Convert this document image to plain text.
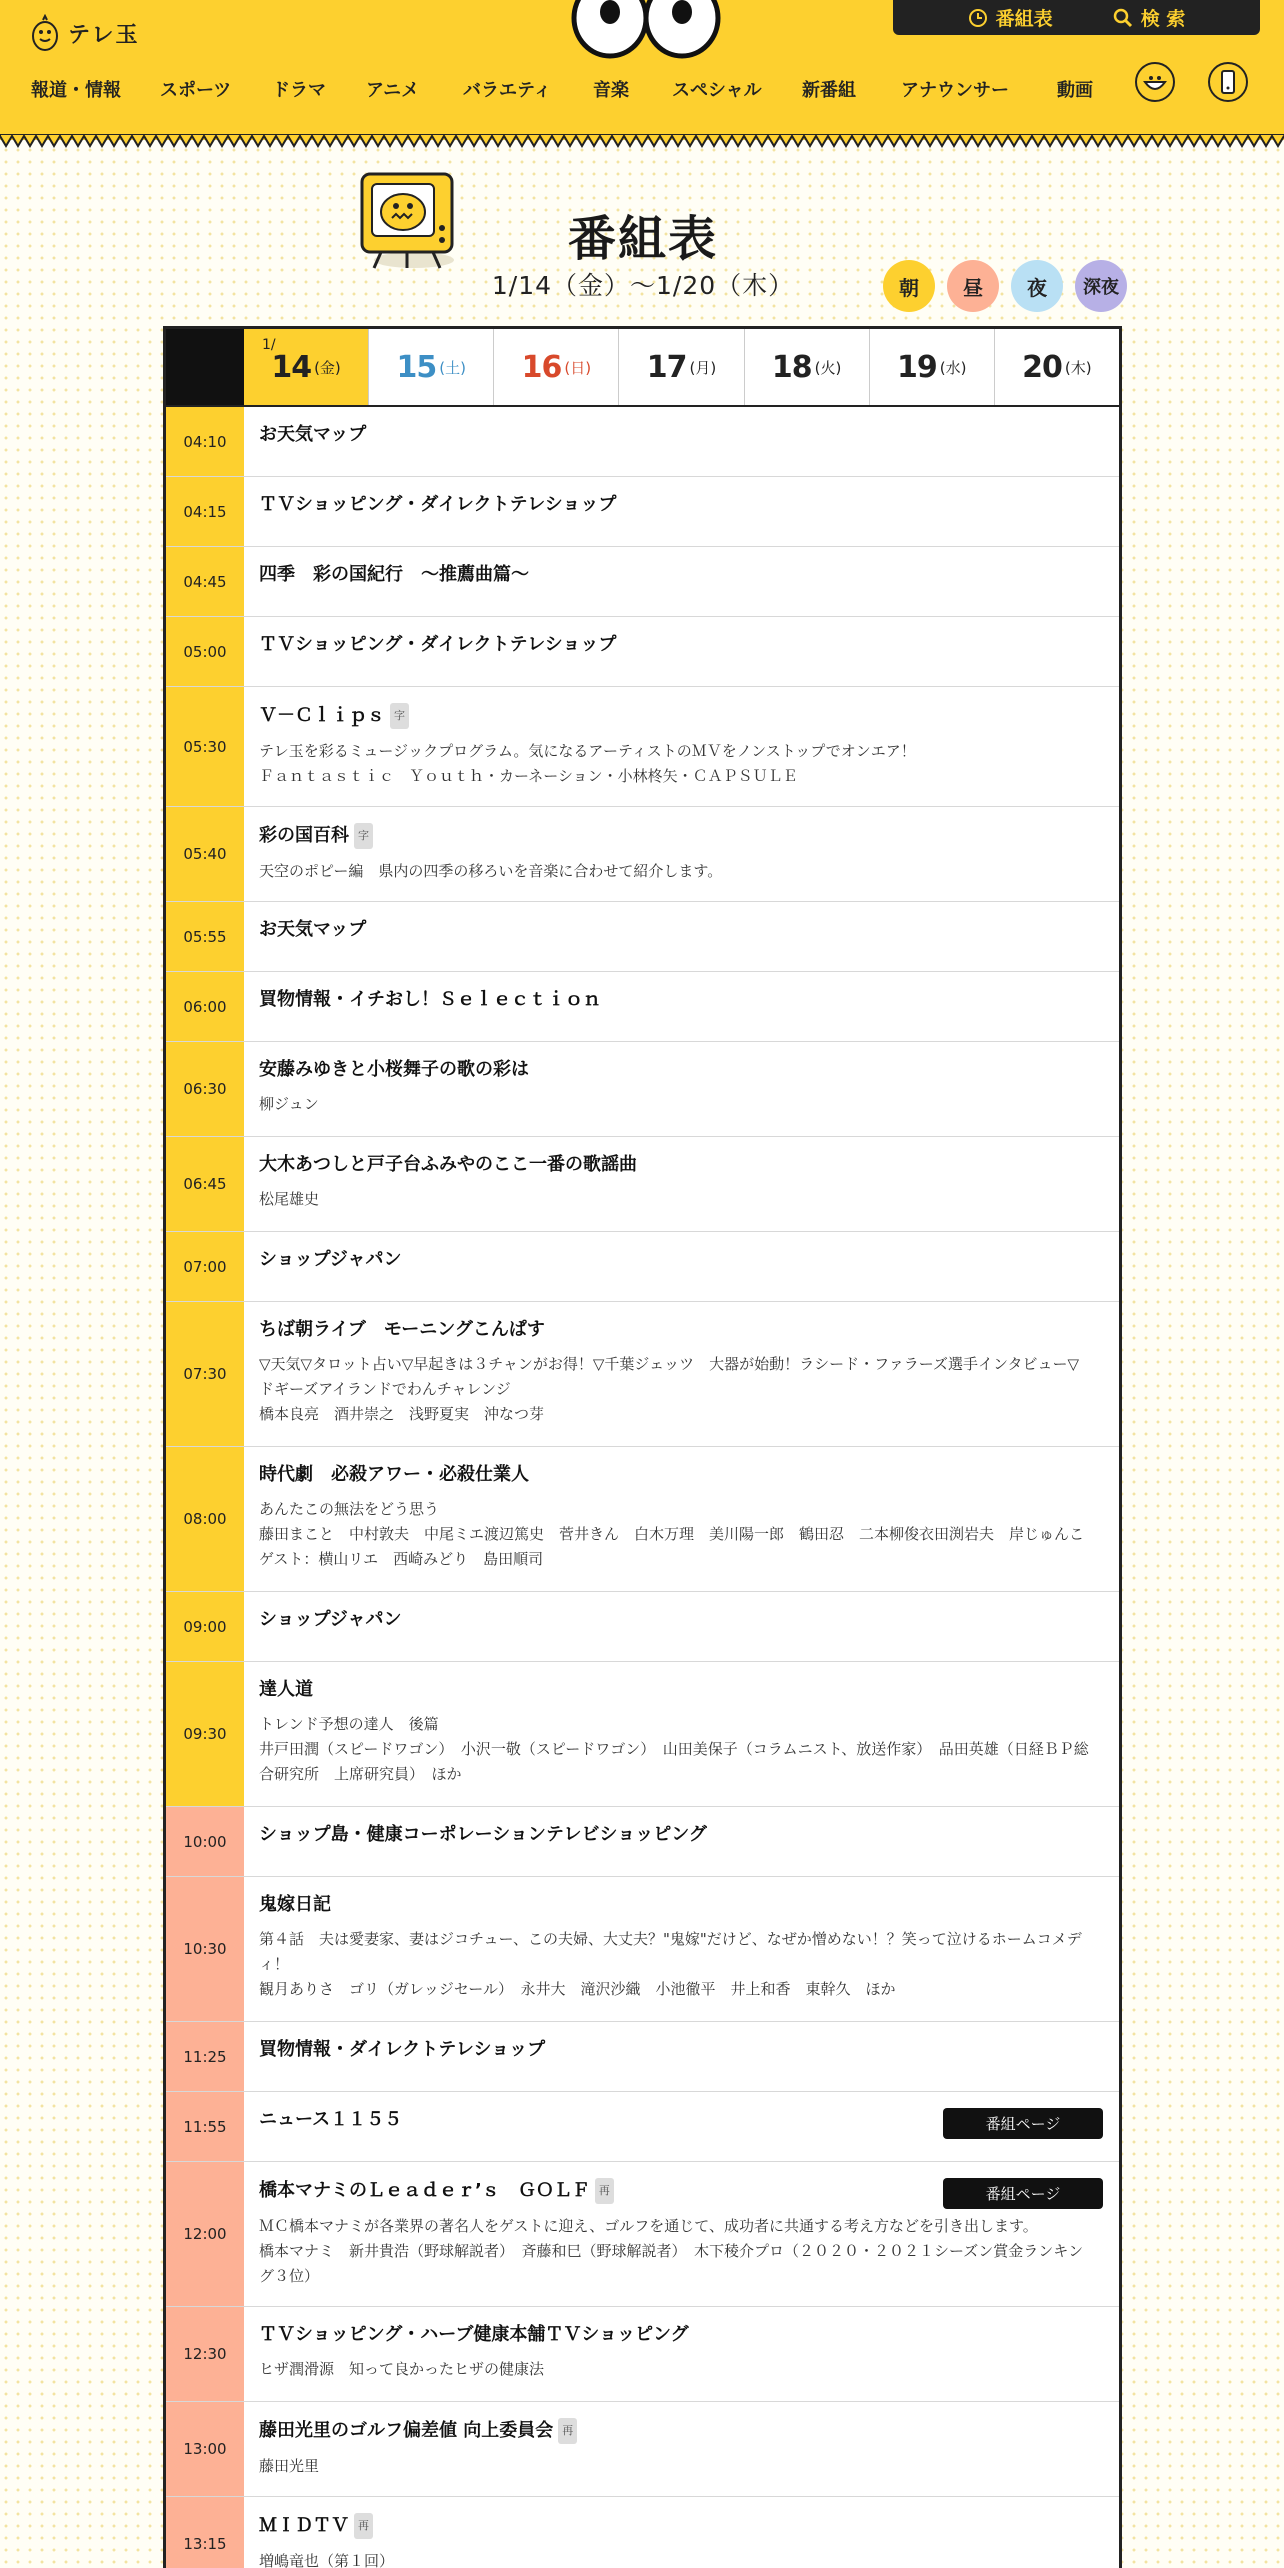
テレ玉
番組表	検 索
報道・情報 スポーツ ドラマ アニメ バラエティ 音楽 スペシャル 新番組	アナウンサー	動画
番組表
1/14（金）〜1/20（木）	朝	昼	夜	深夜
1/
14 (金) 15 (土) 16 (日) 17 (月) 18 (火) 19 (水) 20 (木)
04:10	お天気マップ
04:15	ＴＶショッピング・ダイレクトテレショップ
04:45	四季　彩の国紀行　～推薦曲篇～
05:00	ＴＶショッピング・ダイレクトテレショップ
05:30
Ｖ－Ｃｌｉｐｓ 字
テレ玉を彩るミュージックプログラム。気になるアーティストのＭＶをノンストップでオンエア！
Ｆａｎｔａｓｔｉｃ　Ｙｏｕｔｈ・カーネーション・小林柊矢・ＣＡＰＳＵＬＥ
05:40
彩の国百科 字
天空のポピー編　県内の四季の移ろいを音楽に合わせて紹介します。
05:55	お天気マップ
06:00	買物情報・イチおし！Ｓｅｌｅｃｔｉｏｎ
06:30
安藤みゆきと小桜舞子の歌の彩は
柳ジュン
06:45
大木あつしと戸子台ふみやのここ一番の歌謡曲
松尾雄史
07:00	ショップジャパン
07:30
ちば朝ライブ　モーニングこんぱす
▽天気▽タロット占い▽早起きは３チャンがお得！▽千葉ジェッツ　大器が始動！ラシード・ファラーズ選手インタビュー▽ドギーズアイランドでわんチャレンジ
橋本良亮　酒井崇之　浅野夏実　沖なつ芽
08:00
時代劇　必殺アワー・必殺仕業人
あんたこの無法をどう思う
藤田まこと　中村敦夫　中尾ミエ渡辺篤史　菅井きん　白木万理　美川陽一郎　鶴田忍　二本柳俊衣田渕岩夫　岸じゅんこ　ゲスト：横山リエ　西崎みどり　島田順司
09:00	ショップジャパン
09:30
達人道
トレンド予想の達人　後篇
井戸田潤（スピードワゴン）　小沢一敬（スピードワゴン）　山田美保子（コラムニスト、放送作家）　品田英雄（日経ＢＰ総合研究所　上席研究員）　ほか
10:00	ショップ島・健康コーポレーションテレビショッピング
10:30
鬼嫁日記
第４話　夫は愛妻家、妻はジコチュー、この夫婦、大丈夫？"鬼嫁"だけど、なぜか憎めない！？笑って泣けるホームコメディ！
観月ありさ　ゴリ（ガレッジセール）　永井大　滝沢沙織　小池徹平　井上和香　東幹久　ほか
11:25	買物情報・ダイレクトテレショップ
11:55	ニュース１１５５	番組ページ
12:00
橋本マナミのＬｅａｄｅｒ’ｓ　ＧＯＬＦ 再
ＭＣ橋本マナミが各業界の著名人をゲストに迎え、ゴルフを通じて、成功者に共通する考え方などを引き出します。
橋本マナミ　新井貴浩（野球解説者）　斉藤和巳（野球解説者）　木下稜介プロ（２０２０・２０２１シーズン賞金ランキング３位）
番組ページ
12:30
ＴＶショッピング・ハーブ健康本舗ＴＶショッピング
ヒザ潤滑源　知って良かったヒザの健康法
13:00
藤田光里のゴルフ偏差値 向上委員会 再
藤田光里
13:15
ＭＩＤＴＶ 再
増嶋竜也（第１回）
